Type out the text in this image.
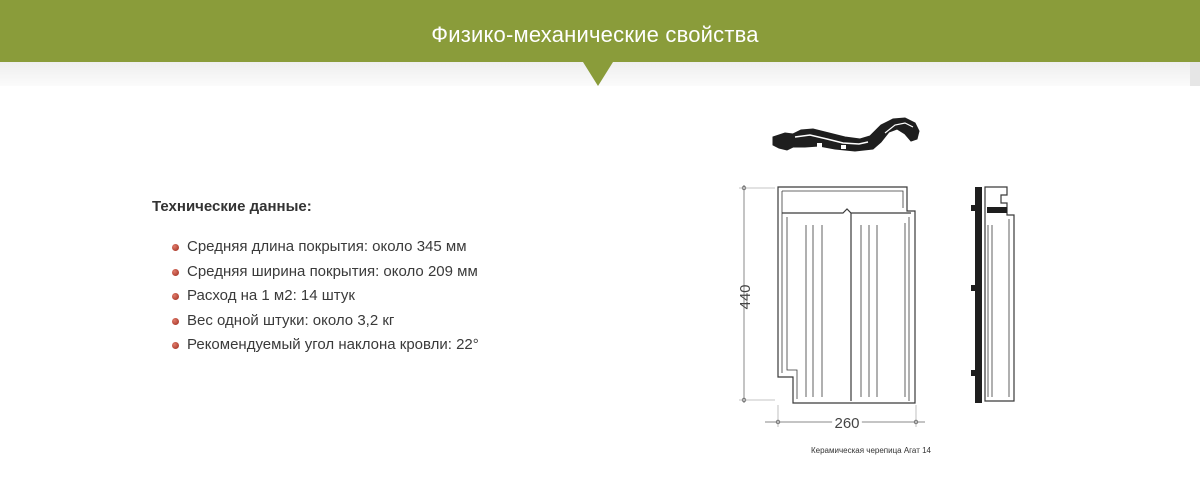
Физико-механические свойства
Технические данные:
Средняя длина покрытия: около 345 мм
Средняя ширина покрытия: около 209 мм
Расход на 1 м2: 14 штук
Вес одной штуки: около 3,2 кг
Рекомендуемый угол наклона кровли: 22°
440
260
Керамическая черепица Агат 14
